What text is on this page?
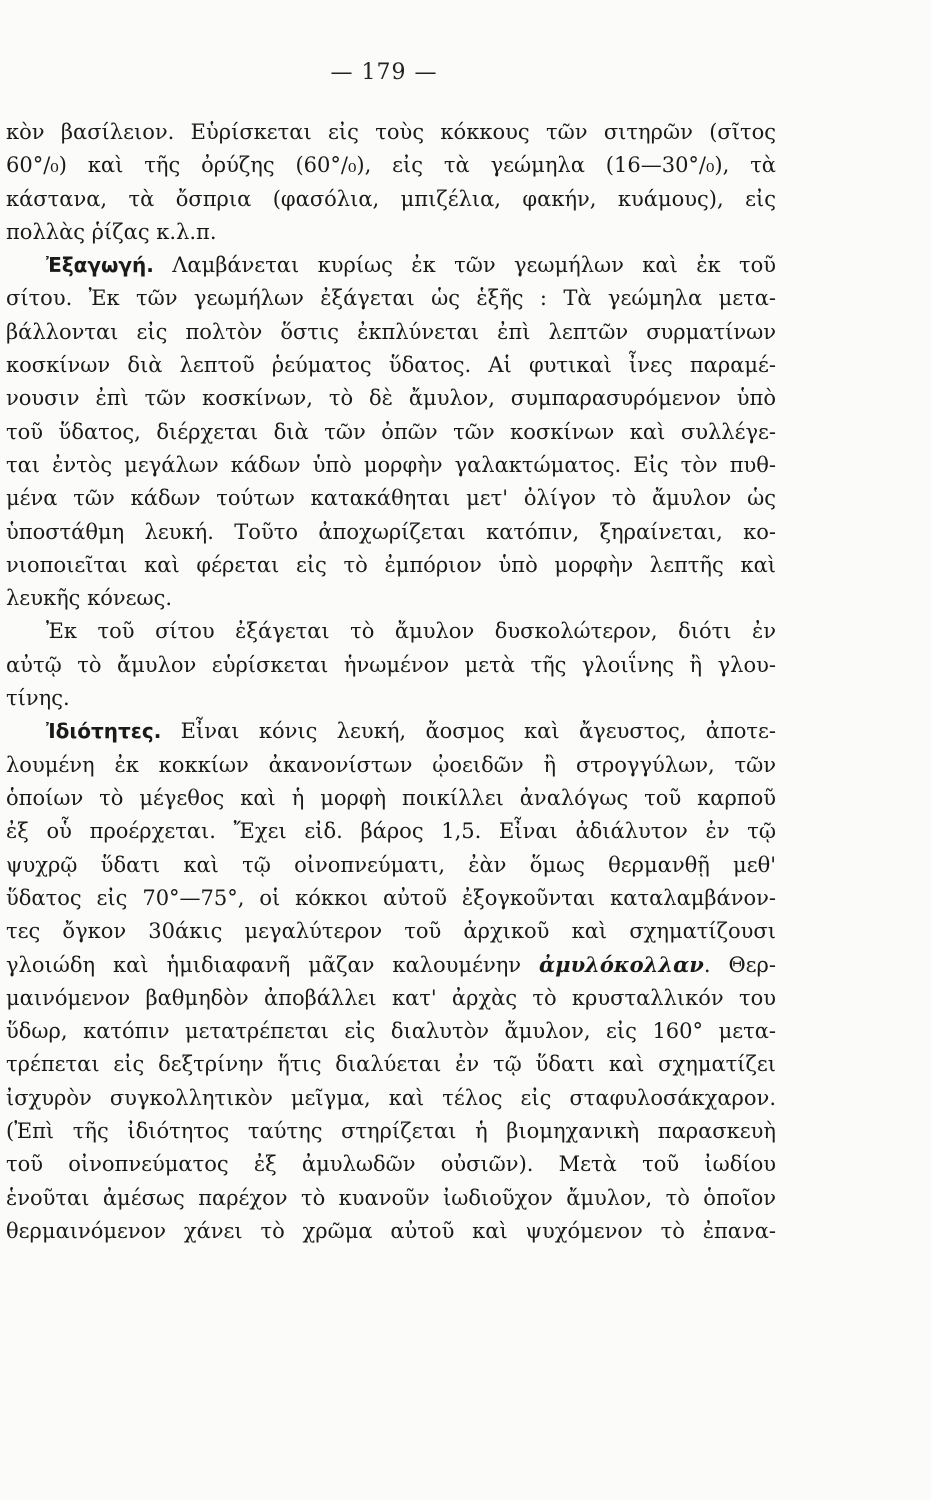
— 179 —
κὸν βασίλειον. Εὑρίσκεται εἰς τοὺς κόκκους τῶν σιτηρῶν (σῖτος
60°/₀) καὶ τῆς ὀρύζης (60°/₀), εἰς τὰ γεώμηλα (16—30°/₀), τὰ
κάστανα, τὰ ὄσπρια (φασόλια, μπιζέλια, φακήν, κυάμους), εἰς
πολλὰς ῥίζας κ.λ.π.
Ἐξαγωγή. Λαμβάνεται κυρίως ἐκ τῶν γεωμήλων καὶ ἐκ τοῦ
σίτου. Ἐκ τῶν γεωμήλων ἐξάγεται ὡς ἑξῆς : Τὰ γεώμηλα μετα-
βάλλονται εἰς πολτὸν ὅστις ἐκπλύνεται ἐπὶ λεπτῶν συρματίνων
κοσκίνων διὰ λεπτοῦ ῥεύματος ὕδατος. Αἱ φυτικαὶ ἶνες παραμέ-
νουσιν ἐπὶ τῶν κοσκίνων, τὸ δὲ ἄμυλον, συμπαρασυρόμενον ὑπὸ
τοῦ ὕδατος, διέρχεται διὰ τῶν ὀπῶν τῶν κοσκίνων καὶ συλλέγε-
ται ἐντὸς μεγάλων κάδων ὑπὸ μορφὴν γαλακτώματος. Εἰς τὸν πυθ-
μένα τῶν κάδων τούτων κατακάθηται μετ' ὀλίγον τὸ ἄμυλον ὡς
ὑποστάθμη λευκή. Τοῦτο ἀποχωρίζεται κατόπιν, ξηραίνεται, κο-
νιοποιεῖται καὶ φέρεται εἰς τὸ ἐμπόριον ὑπὸ μορφὴν λεπτῆς καὶ
λευκῆς κόνεως.
Ἐκ τοῦ σίτου ἐξάγεται τὸ ἄμυλον δυσκολώτερον, διότι ἐν
αὐτῷ τὸ ἄμυλον εὑρίσκεται ἡνωμένον μετὰ τῆς γλοιΐνης ἢ γλου-
τίνης.
Ἰδιότητες. Εἶναι κόνις λευκή, ἄοσμος καὶ ἄγευστος, ἀποτε-
λουμένη ἐκ κοκκίων ἀκανονίστων ᾠοειδῶν ἢ στρογγύλων, τῶν
ὁποίων τὸ μέγεθος καὶ ἡ μορφὴ ποικίλλει ἀναλόγως τοῦ καρποῦ
ἐξ οὗ προέρχεται. Ἔχει εἰδ. βάρος 1,5. Εἶναι ἀδιάλυτον ἐν τῷ
ψυχρῷ ὕδατι καὶ τῷ οἰνοπνεύματι, ἐὰν ὅμως θερμανθῇ μεθ'
ὕδατος εἰς 70°—75°, οἱ κόκκοι αὐτοῦ ἐξογκοῦνται καταλαμβάνον-
τες ὄγκον 30άκις μεγαλύτερον τοῦ ἀρχικοῦ καὶ σχηματίζουσι
γλοιώδη καὶ ἡμιδιαφανῆ μᾶζαν καλουμένην ἀμυλόκολλαν. Θερ-
μαινόμενον βαθμηδὸν ἀποβάλλει κατ' ἀρχὰς τὸ κρυσταλλικόν του
ὕδωρ, κατόπιν μετατρέπεται εἰς διαλυτὸν ἄμυλον, εἰς 160° μετα-
τρέπεται εἰς δεξτρίνην ἥτις διαλύεται ἐν τῷ ὕδατι καὶ σχηματίζει
ἰσχυρὸν συγκολλητικὸν μεῖγμα, καὶ τέλος εἰς σταφυλοσάκχαρον.
(Ἐπὶ τῆς ἰδιότητος ταύτης στηρίζεται ἡ βιομηχανικὴ παρασκευὴ
τοῦ οἰνοπνεύματος ἐξ ἀμυλωδῶν οὐσιῶν). Μετὰ τοῦ ἰωδίου
ἑνοῦται ἀμέσως παρέχον τὸ κυανοῦν ἰωδιοῦχον ἄμυλον, τὸ ὁποῖον
θερμαινόμενον χάνει τὸ χρῶμα αὐτοῦ καὶ ψυχόμενον τὸ ἐπανα-
